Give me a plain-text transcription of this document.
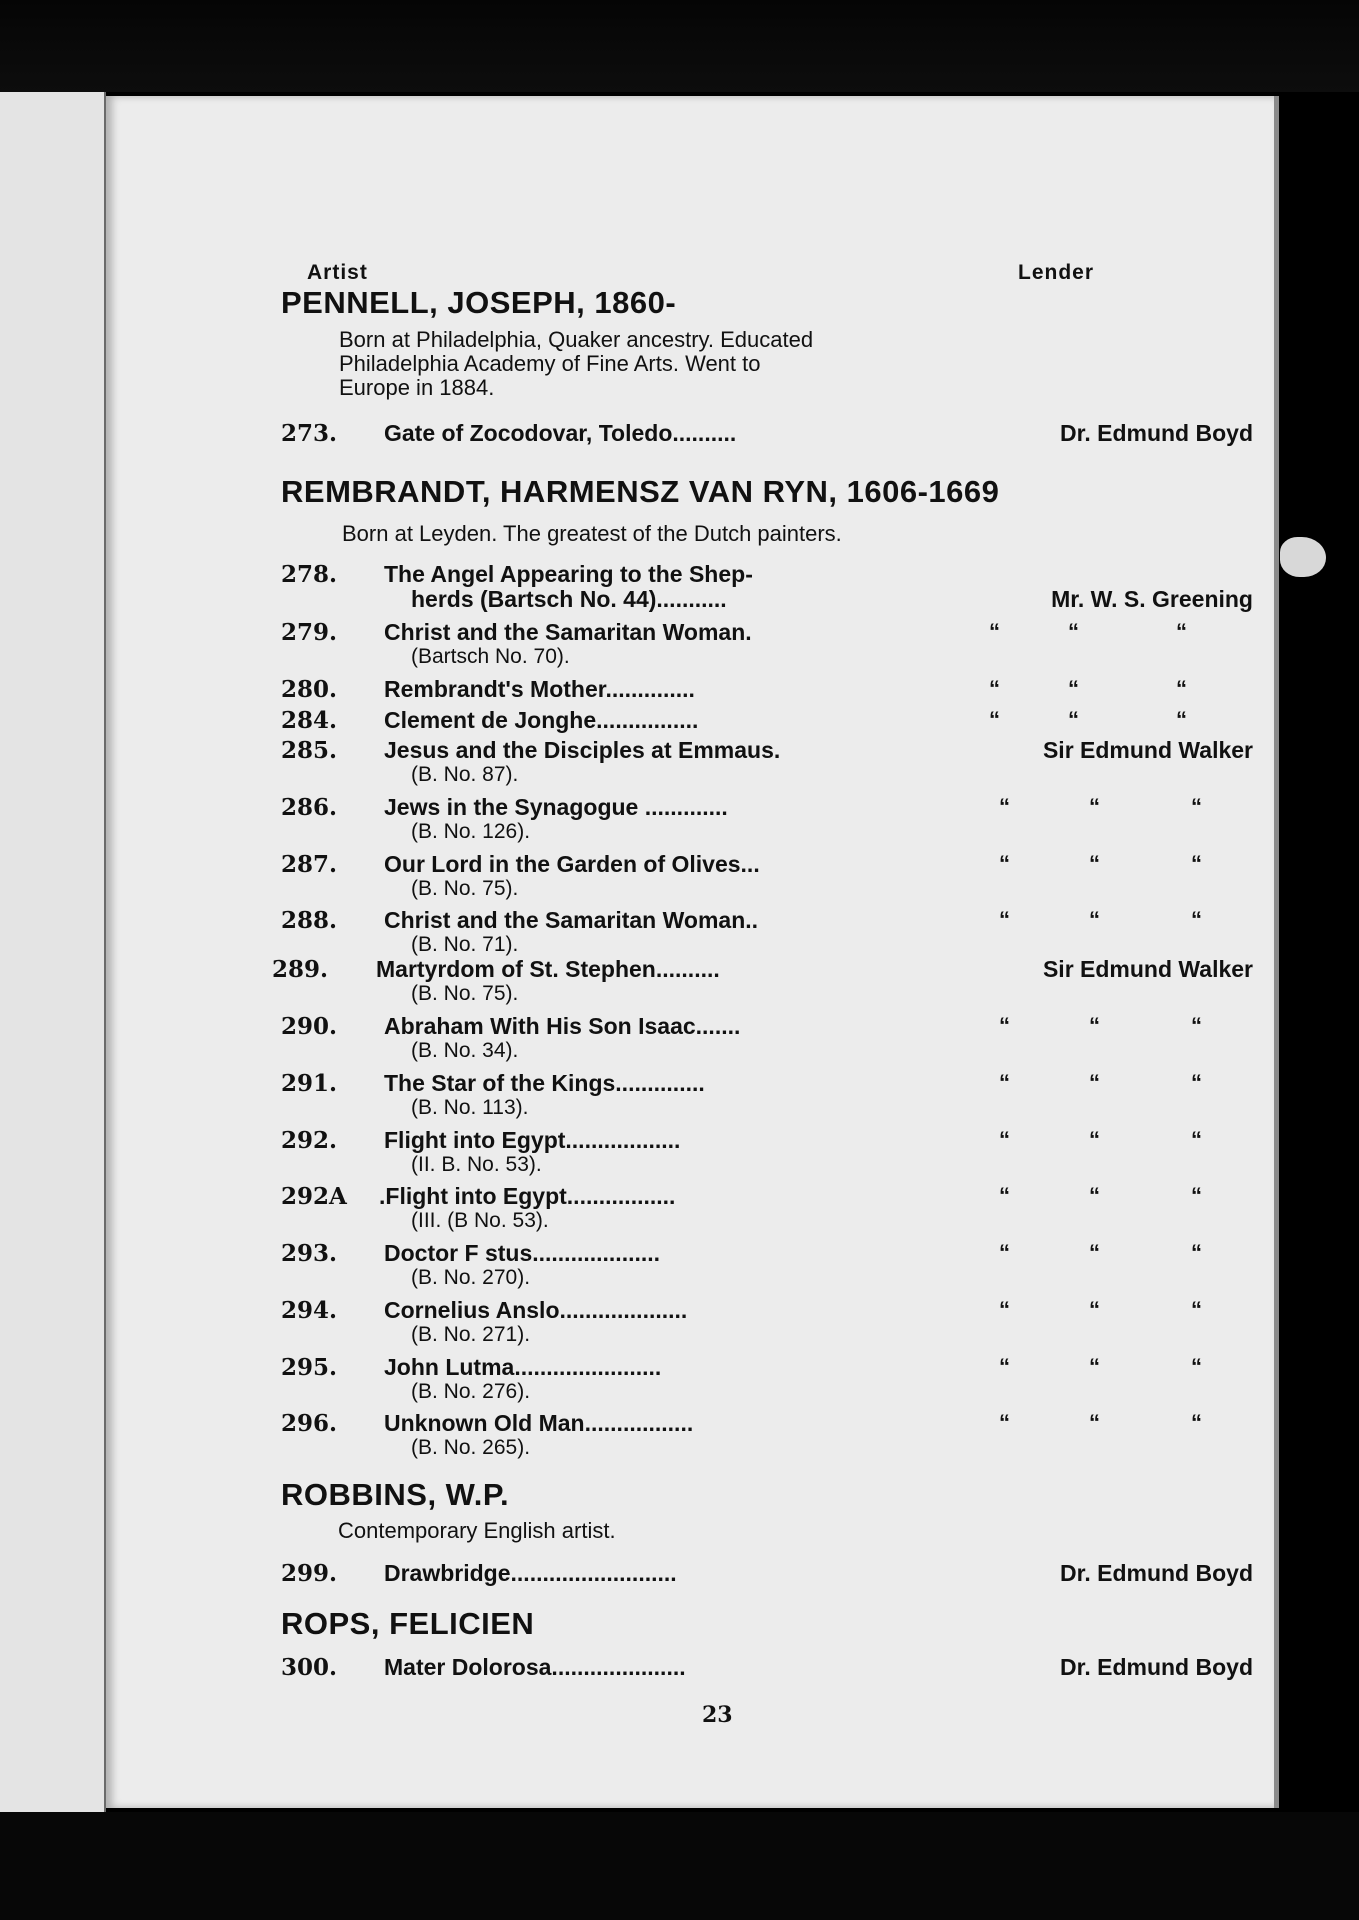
Artist	Lender
PENNELL, JOSEPH, 1860-
Born at Philadelphia, Quaker ancestry. Educated
Philadelphia Academy of Fine Arts. Went to
Europe in 1884.
273. Gate of Zocodovar, Toledo..........	Dr. Edmund Boyd
REMBRANDT, HARMENSZ VAN RYN, 1606-1669
Born at Leyden. The greatest of the Dutch painters.
278. The Angel Appearing to the Shep-
herds (Bartsch No. 44)...........	Mr. W. S. Greening
279. Christ and the Samaritan Woman.
(Bartsch No. 70).
“	“	“
280. Rembrandt's Mother..............	“	“	“
284. Clement de Jonghe................	“	“	“
285. Jesus and the Disciples at Emmaus.
(B. No. 87).
Sir Edmund Walker
286. Jews in the Synagogue .............
(B. No. 126).
“	“	“
287. Our Lord in the Garden of Olives...
(B. No. 75).
“	“	“
288. Christ and the Samaritan Woman..
(B. No. 71).
“	“	“
289. Martyrdom of St. Stephen..........
(B. No. 75).
Sir Edmund Walker
290. Abraham With His Son Isaac.......
(B. No. 34).
“	“	“
291. The Star of the Kings..............
(B. No. 113).
“	“	“
292. Flight into Egypt..................
(II. B. No. 53).
“	“	“
292A .Flight into Egypt.................
(III. (B No. 53).
“	“	“
293. Doctor F stus....................
(B. No. 270).
“	“	“
294. Cornelius Anslo....................
(B. No. 271).
“	“	“
295. John Lutma.......................
(B. No. 276).
“	“	“
296. Unknown Old Man.................
(B. No. 265).
“	“	“
ROBBINS, W.P.
Contemporary English artist.
299. Drawbridge..........................	Dr. Edmund Boyd
ROPS, FELICIEN
300. Mater Dolorosa.....................	Dr. Edmund Boyd
23
